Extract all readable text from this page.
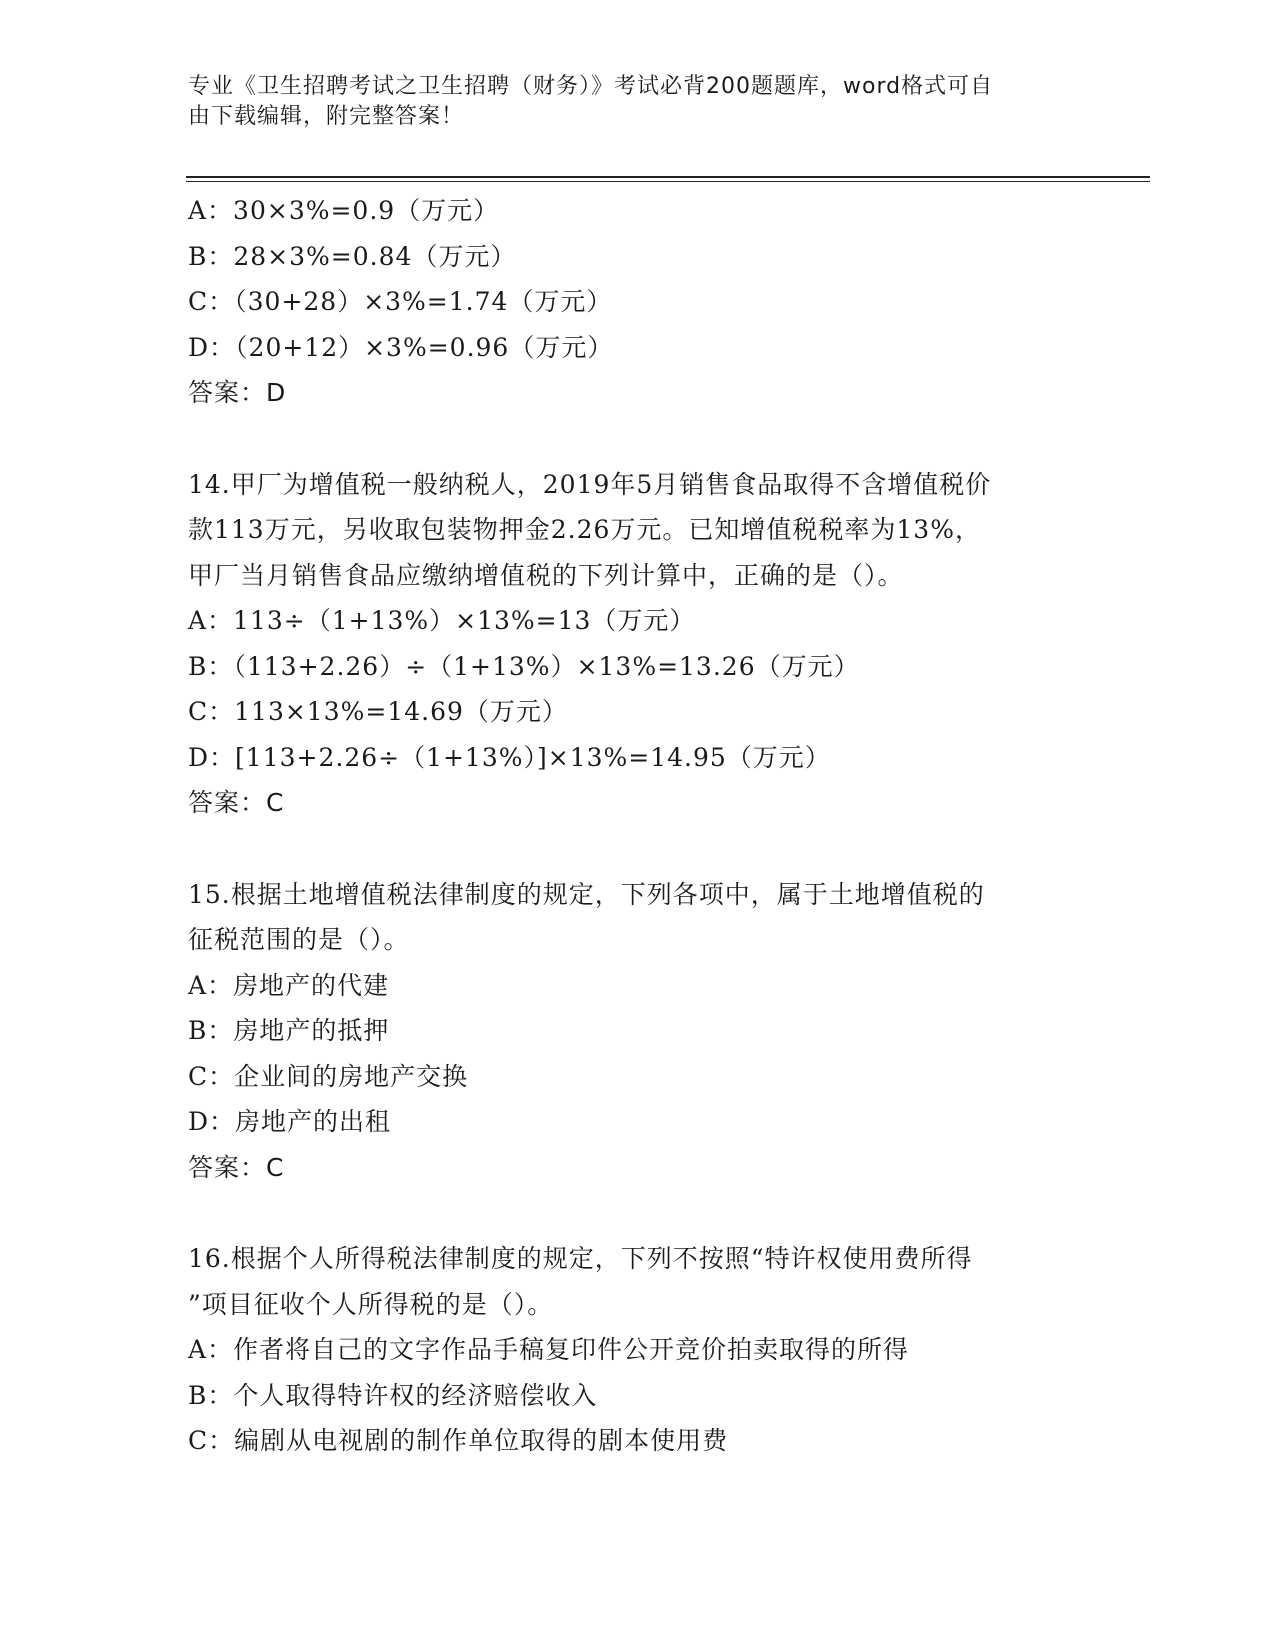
专业《卫生招聘考试之卫生招聘（财务）》考试必背200题题库，word格式可自
由下载编辑，附完整答案！
A：30×3%=0.9（万元）
B：28×3%=0.84（万元）
C：（30+28）×3%=1.74（万元）
D：（20+12）×3%=0.96（万元）
答案：D
14.甲厂为增值税一般纳税人，2019年5月销售食品取得不含增值税价
款113万元，另收取包装物押金2.26万元。已知增值税税率为13%，
甲厂当月销售食品应缴纳增值税的下列计算中，正确的是（）。
A：113÷（1+13%）×13%=13（万元）
B：（113+2.26）÷（1+13%）×13%=13.26（万元）
C：113×13%=14.69（万元）
D：[113+2.26÷（1+13%）]×13%=14.95（万元）
答案：C
15.根据土地增值税法律制度的规定，下列各项中，属于土地增值税的
征税范围的是（）。
A：房地产的代建
B：房地产的抵押
C：企业间的房地产交换
D：房地产的出租
答案：C
16.根据个人所得税法律制度的规定，下列不按照“特许权使用费所得
”项目征收个人所得税的是（）。
A：作者将自己的文字作品手稿复印件公开竞价拍卖取得的所得
B：个人取得特许权的经济赔偿收入
C：编剧从电视剧的制作单位取得的剧本使用费
